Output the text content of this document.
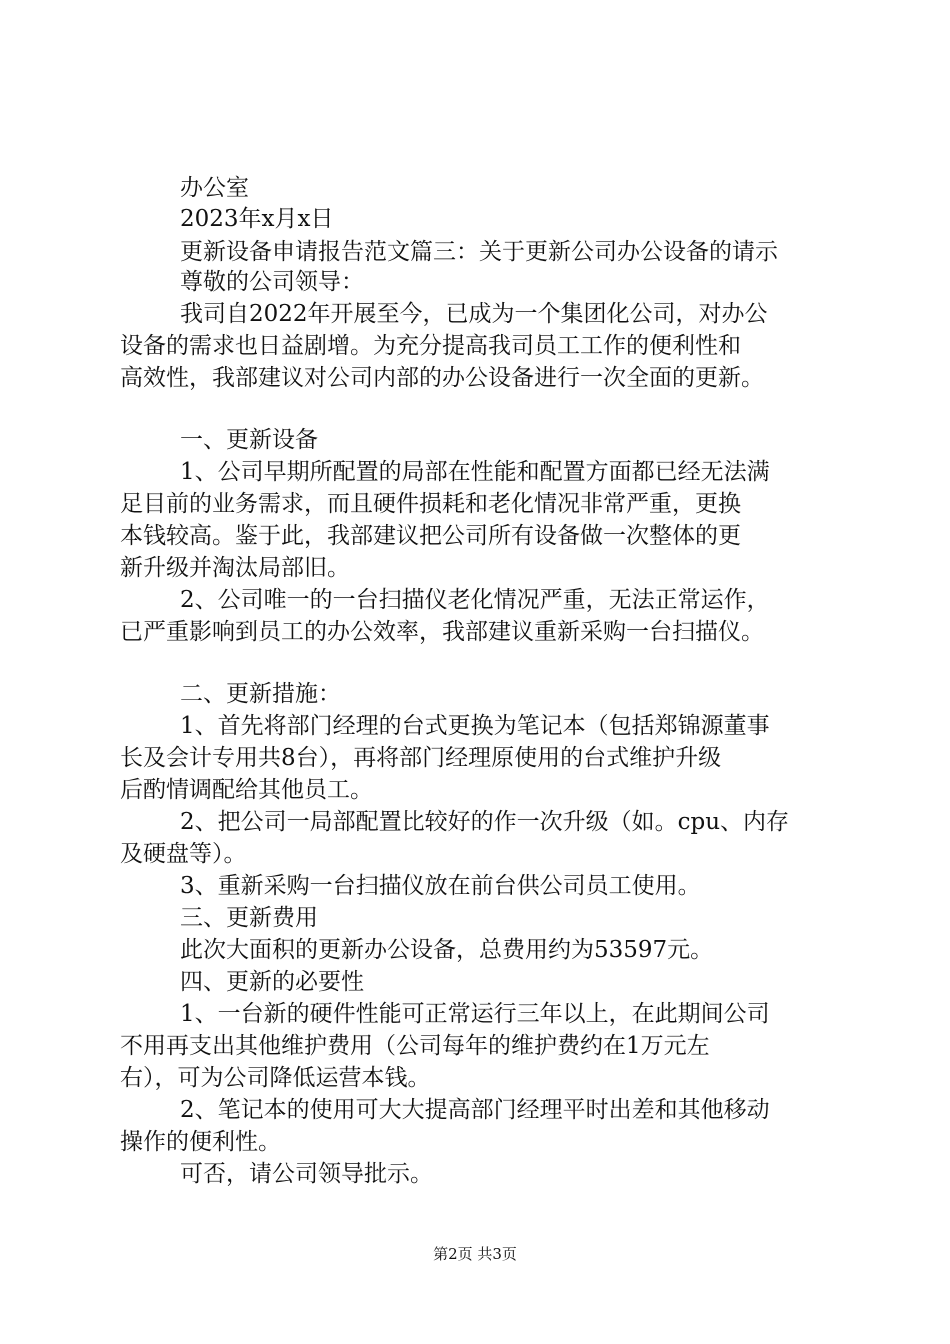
办公室
2023年x月x日
更新设备申请报告范文篇三：关于更新公司办公设备的请示
尊敬的公司领导：
我司自2022年开展至今，已成为一个集团化公司，对办公
设备的需求也日益剧增。为充分提高我司员工工作的便利性和
高效性，我部建议对公司内部的办公设备进行一次全面的更新。
一、更新设备
1、公司早期所配置的局部在性能和配置方面都已经无法满
足目前的业务需求，而且硬件损耗和老化情况非常严重，更换
本钱较高。鉴于此，我部建议把公司所有设备做一次整体的更
新升级并淘汰局部旧。
2、公司唯一的一台扫描仪老化情况严重，无法正常运作，
已严重影响到员工的办公效率，我部建议重新采购一台扫描仪。
二、更新措施：
1、首先将部门经理的台式更换为笔记本（包括郑锦源董事
长及会计专用共8台），再将部门经理原使用的台式维护升级
后酌情调配给其他员工。
2、把公司一局部配置比较好的作一次升级（如。cpu、内存
及硬盘等）。
3、重新采购一台扫描仪放在前台供公司员工使用。
三、更新费用
此次大面积的更新办公设备，总费用约为53597元。
四、更新的必要性
1、一台新的硬件性能可正常运行三年以上，在此期间公司
不用再支出其他维护费用（公司每年的维护费约在1万元左
右），可为公司降低运营本钱。
2、笔记本的使用可大大提高部门经理平时出差和其他移动
操作的便利性。
可否，请公司领导批示。
第2页 共3页
